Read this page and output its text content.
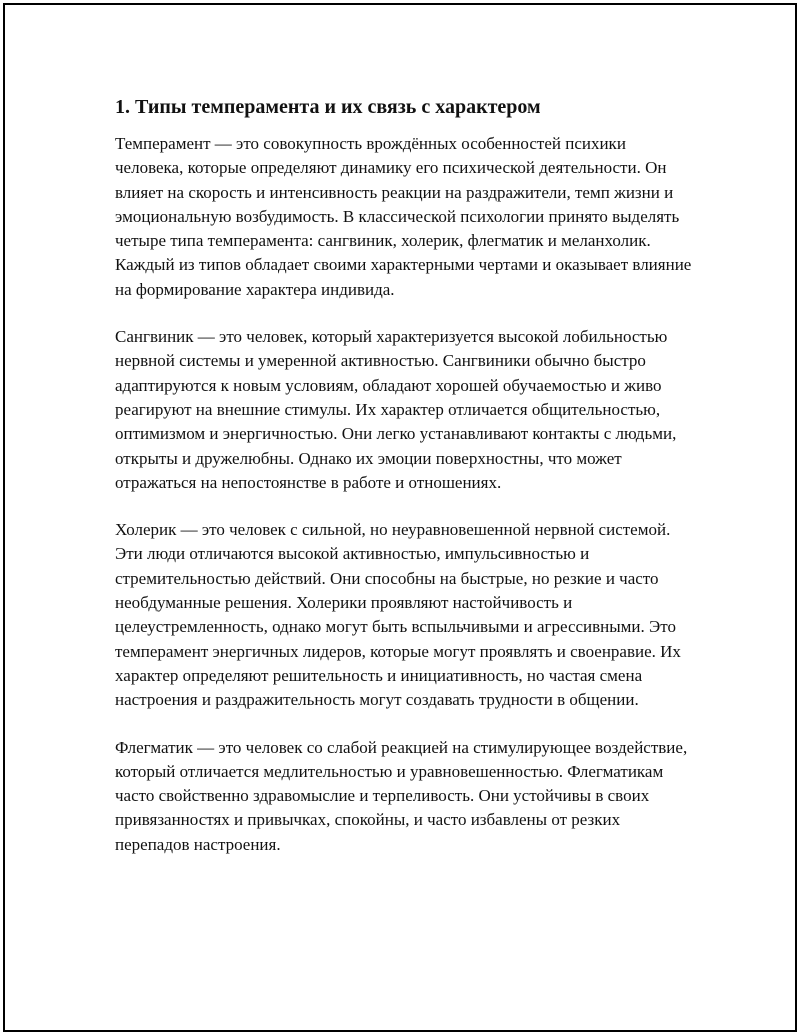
1. Типы темперамента и их связь с характером

Темперамент — это совокупность врождённых особенностей психики человека, которые определяют динамику его психической деятельности. Он влияет на скорость и интенсивность реакции на раздражители, темп жизни и эмоциональную возбудимость. В классической психологии принято выделять четыре типа темперамента: сангвиник, холерик, флегматик и меланхолик. Каждый из типов обладает своими характерными чертами и оказывает влияние на формирование характера индивида.

Сангвиник — это человек, который характеризуется высокой лобильностью нервной системы и умеренной активностью. Сангвиники обычно быстро адаптируются к новым условиям, обладают хорошей обучаемостью и живо реагируют на внешние стимулы. Их характер отличается общительностью, оптимизмом и энергичностью. Они легко устанавливают контакты с людьми, открыты и дружелюбны. Однако их эмоции поверхностны, что может отражаться на непостоянстве в работе и отношениях.

Холерик — это человек с сильной, но неуравновешенной нервной системой. Эти люди отличаются высокой активностью, импульсивностью и стремительностью действий. Они способны на быстрые, но резкие и часто необдуманные решения. Холерики проявляют настойчивость и целеустремленность, однако могут быть вспыльчивыми и агрессивными. Это темперамент энергичных лидеров, которые могут проявлять и своенравие. Их характер определяют решительность и инициативность, но частая смена настроения и раздражительность могут создавать трудности в общении.

Флегматик — это человек со слабой реакцией на стимулирующее воздействие, который отличается медлительностью и уравновешенностью. Флегматикам часто свойственно здравомыслие и терпеливость. Они устойчивы в своих привязанностях и привычках, спокойны, и часто избавлены от резких перепадов настроения.
